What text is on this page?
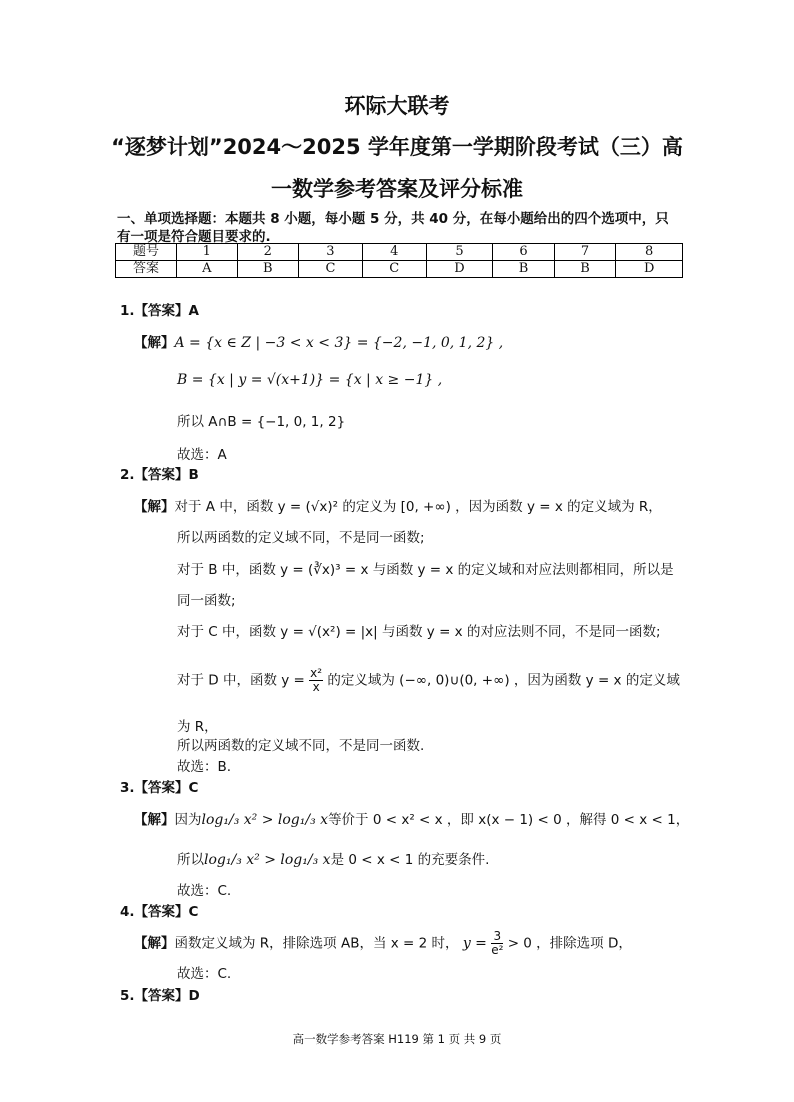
环际大联考
“逐梦计划”2024～2025 学年度第一学期阶段考试（三）高
一数学参考答案及评分标准
一、单项选择题：本题共 8 小题，每小题 5 分，共 40 分，在每小题给出的四个选项中，只
有一项是符合题目要求的.
题号	1	2	3	4	5	6	7	8
答案	A	B	C	C	D	B	B	D
1.【答案】A
【解】A = {x ∈ Z | −3 < x < 3} = {−2, −1, 0, 1, 2} ,
B = {x | y = √(x+1)} = {x | x ≥ −1} ,
所以 A∩B = {−1, 0, 1, 2}
故选：A
2.【答案】B
【解】对于 A 中，函数 y = (√x)² 的定义为 [0, +∞) ，因为函数 y = x 的定义域为 R，
所以两函数的定义域不同，不是同一函数;
对于 B 中，函数 y = (∛x)³ = x 与函数 y = x 的定义域和对应法则都相同，所以是
同一函数;
对于 C 中，函数 y = √(x²) = |x| 与函数 y = x 的对应法则不同，不是同一函数;
对于 D 中，函数 $y = \frac{\text{x²}}{x}$ 的定义域为 (−∞, 0)∪(0, +∞) ，因为函数 y = x 的定义域
为 R，
所以两函数的定义域不同，不是同一函数.
故选：B.
3.【答案】C
【解】因为log₁/₃ x² > log₁/₃ x等价于 0 < x² < x ，即 x(x − 1) < 0 ，解得 0 < x < 1，
所以log₁/₃ x² > log₁/₃ x是 0 < x < 1 的充要条件.
故选：C.
4.【答案】C
【解】函数定义域为 R，排除选项 AB，当 x = 2 时， $y = \frac{3}{\text{e²}} > 0$ ，排除选项 D，
故选：C.
5.【答案】D
高一数学参考答案 H119 第 1 页 共 9 页
